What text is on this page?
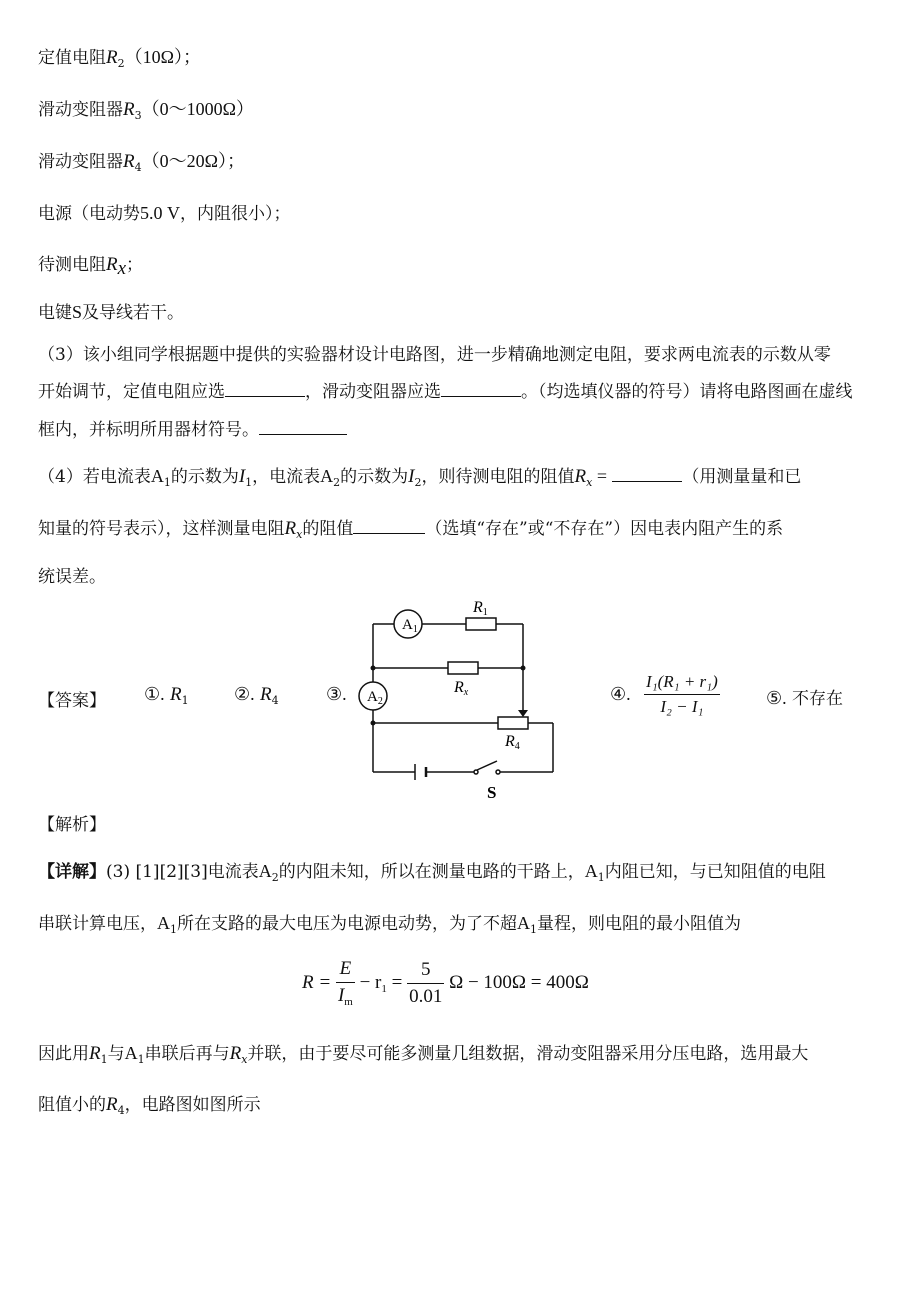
定值电阻$R_2(10\Omega)$；
滑动变阻器$R_3(0\sim 1000\Omega)$
滑动变阻器$R_4(0\sim 20\Omega)$；
电源（电动势5.0 V，内阻很小）；
待测电阻$R_x$；
电键S及导线若干。
（3）该小组同学根据题中提供的实验器材设计电路图，进一步精确地测定电阻，要求两电流表的示数从零
开始调节，定值电阻应选	，滑动变阻器应选	。（均选填仪器的符号）请将电路图画在虚线
框内，并标明所用器材符号。
（4）若电流表$A_1$的示数为$I_1$，电流表$A_2$的示数为$I_2$，则待测电阻的阻值$R_x$ =	（用测量量和已
知量的符号表示），这样测量电阻$R_x$的阻值	（选填“存在”或“不存在”）因电表内阻产生的系
统误差。
【答案】 ①. $R_1$	②. $R_4$	③.
$A_1$
$A_2$
R1
Rx
R4
S
④. $\frac{\text{I₁(R₁ + r₁)}}{\text{I₂ − I₁}}$	⑤. 不存在
【解析】
【详解】(3) [1][2][3]电流表$A_2$的内阻未知，所以在测量电路的干路上，$A_1$内阻已知，与已知阻值的电阻
串联计算电压，$A_1$所在支路的最大电压为电源电动势，为了不超$A_1$量程，则电阻的最小阻值为
$R = \frac{E}{I_m} - r_1 = \frac{5}{0.01}$ Ω − 100Ω = 400Ω
因此用$R_1$与$A_1$串联后再与$R_x$并联，由于要尽可能多测量几组数据，滑动变阻器采用分压电路，选用最大
阻值小的$R_4$，电路图如图所示
